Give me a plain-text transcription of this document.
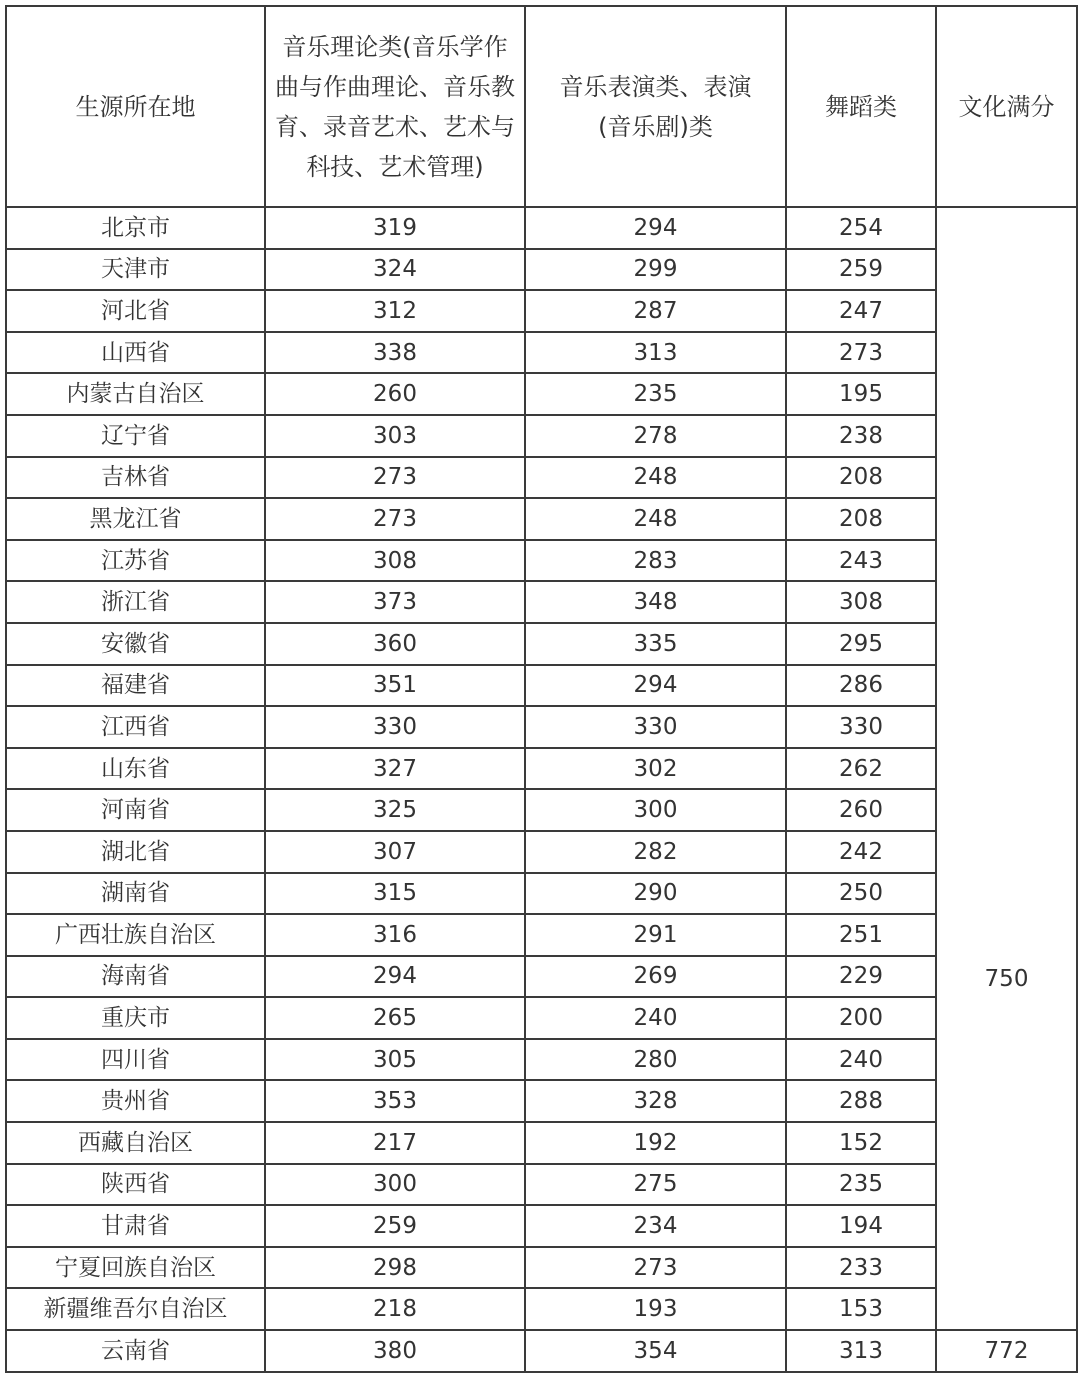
生源所在地	音乐理论类(音乐学作曲与作曲理论、音乐教育、录音艺术、艺术与科技、艺术管理)	音乐表演类、表演(音乐剧)类	舞蹈类	文化满分
北京市	319	294	254	750
天津市	324	299	259	
河北省	312	287	247	
山西省	338	313	273	
内蒙古自治区	260	235	195	
辽宁省	303	278	238	
吉林省	273	248	208	
黑龙江省	273	248	208	
江苏省	308	283	243	
浙江省	373	348	308	
安徽省	360	335	295	
福建省	351	294	286	
江西省	330	330	330	
山东省	327	302	262	
河南省	325	300	260	
湖北省	307	282	242	
湖南省	315	290	250	
广西壮族自治区	316	291	251	
海南省	294	269	229	
重庆市	265	240	200	
四川省	305	280	240	
贵州省	353	328	288	
西藏自治区	217	192	152	
陕西省	300	275	235	
甘肃省	259	234	194	
宁夏回族自治区	298	273	233	
新疆维吾尔自治区	218	193	153	
云南省	380	354	313	772
